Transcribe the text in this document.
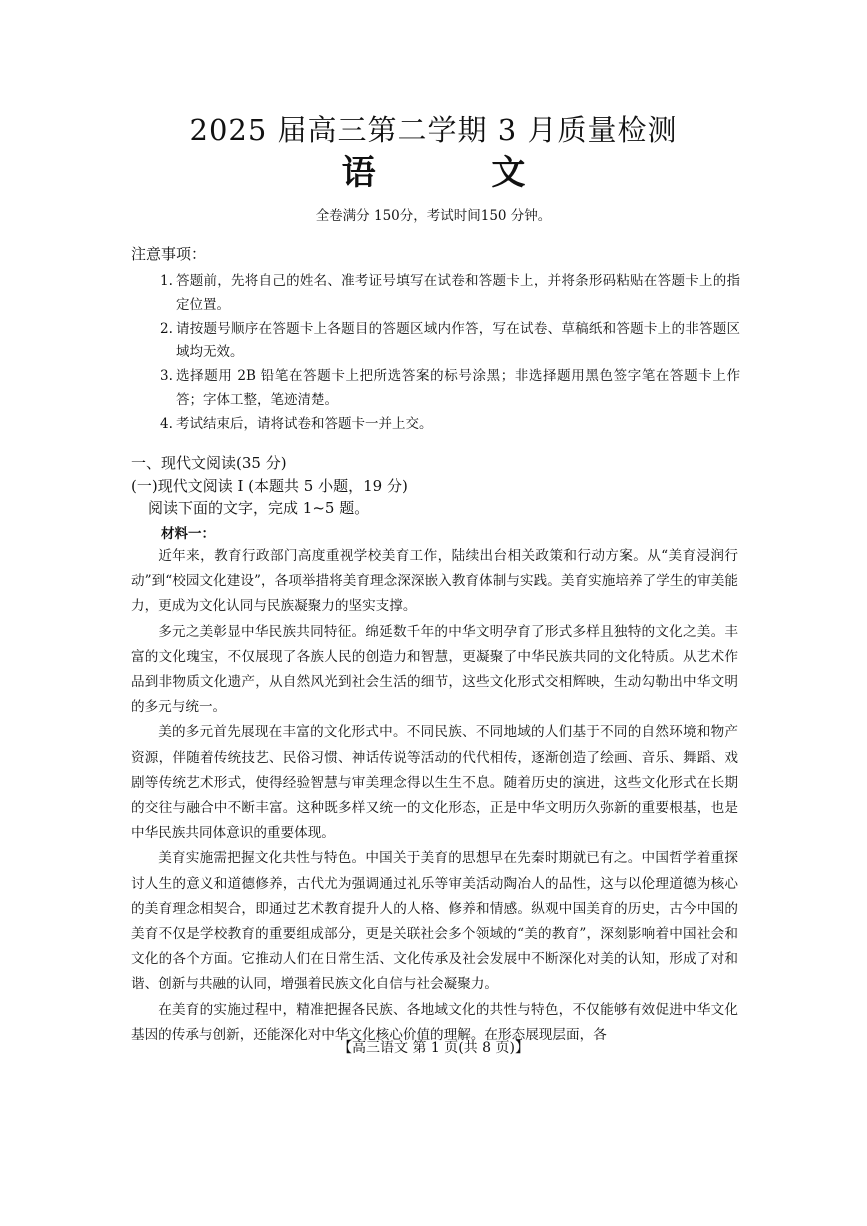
2025 届高三第二学期 3 月质量检测
语 文
全卷满分 150分，考试时间150 分钟。
注意事项：
1. 答题前，先将自己的姓名、准考证号填写在试卷和答题卡上，并将条形码粘贴在答题卡上的指定位置。
2. 请按题号顺序在答题卡上各题目的答题区域内作答，写在试卷、草稿纸和答题卡上的非答题区域均无效。
3. 选择题用 2B 铅笔在答题卡上把所选答案的标号涂黑；非选择题用黑色签字笔在答题卡上作答；字体工整，笔迹清楚。
4. 考试结束后，请将试卷和答题卡一并上交。
一、现代文阅读(35 分)
(一)现代文阅读 I (本题共 5 小题，19 分)
阅读下面的文字，完成 1~5 题。
材料一：

近年来，教育行政部门高度重视学校美育工作，陆续出台相关政策和行动方案。从“美育浸润行动”到“校园文化建设”，各项举措将美育理念深深嵌入教育体制与实践。美育实施培养了学生的审美能力，更成为文化认同与民族凝聚力的坚实支撑。

多元之美彰显中华民族共同特征。绵延数千年的中华文明孕育了形式多样且独特的文化之美。丰富的文化瑰宝，不仅展现了各族人民的创造力和智慧，更凝聚了中华民族共同的文化特质。从艺术作品到非物质文化遗产，从自然风光到社会生活的细节，这些文化形式交相辉映，生动勾勒出中华文明的多元与统一。

美的多元首先展现在丰富的文化形式中。不同民族、不同地域的人们基于不同的自然环境和物产资源，伴随着传统技艺、民俗习惯、神话传说等活动的代代相传，逐渐创造了绘画、音乐、舞蹈、戏剧等传统艺术形式，使得经验智慧与审美理念得以生生不息。随着历史的演进，这些文化形式在长期的交往与融合中不断丰富。这种既多样又统一的文化形态，正是中华文明历久弥新的重要根基，也是中华民族共同体意识的重要体现。

美育实施需把握文化共性与特色。中国关于美育的思想早在先秦时期就已有之。中国哲学着重探讨人生的意义和道德修养，古代尤为强调通过礼乐等审美活动陶冶人的品性，这与以伦理道德为核心的美育理念相契合，即通过艺术教育提升人的人格、修养和情感。纵观中国美育的历史，古今中国的美育不仅是学校教育的重要组成部分，更是关联社会多个领域的“美的教育”，深刻影响着中国社会和文化的各个方面。它推动人们在日常生活、文化传承及社会发展中不断深化对美的认知，形成了对和谐、创新与共融的认同，增强着民族文化自信与社会凝聚力。

在美育的实施过程中，精准把握各民族、各地域文化的共性与特色，不仅能够有效促进中华文化基因的传承与创新，还能深化对中华文化核心价值的理解。在形态展现层面，各

【高三语文 第 1 页(共 8 页)】
